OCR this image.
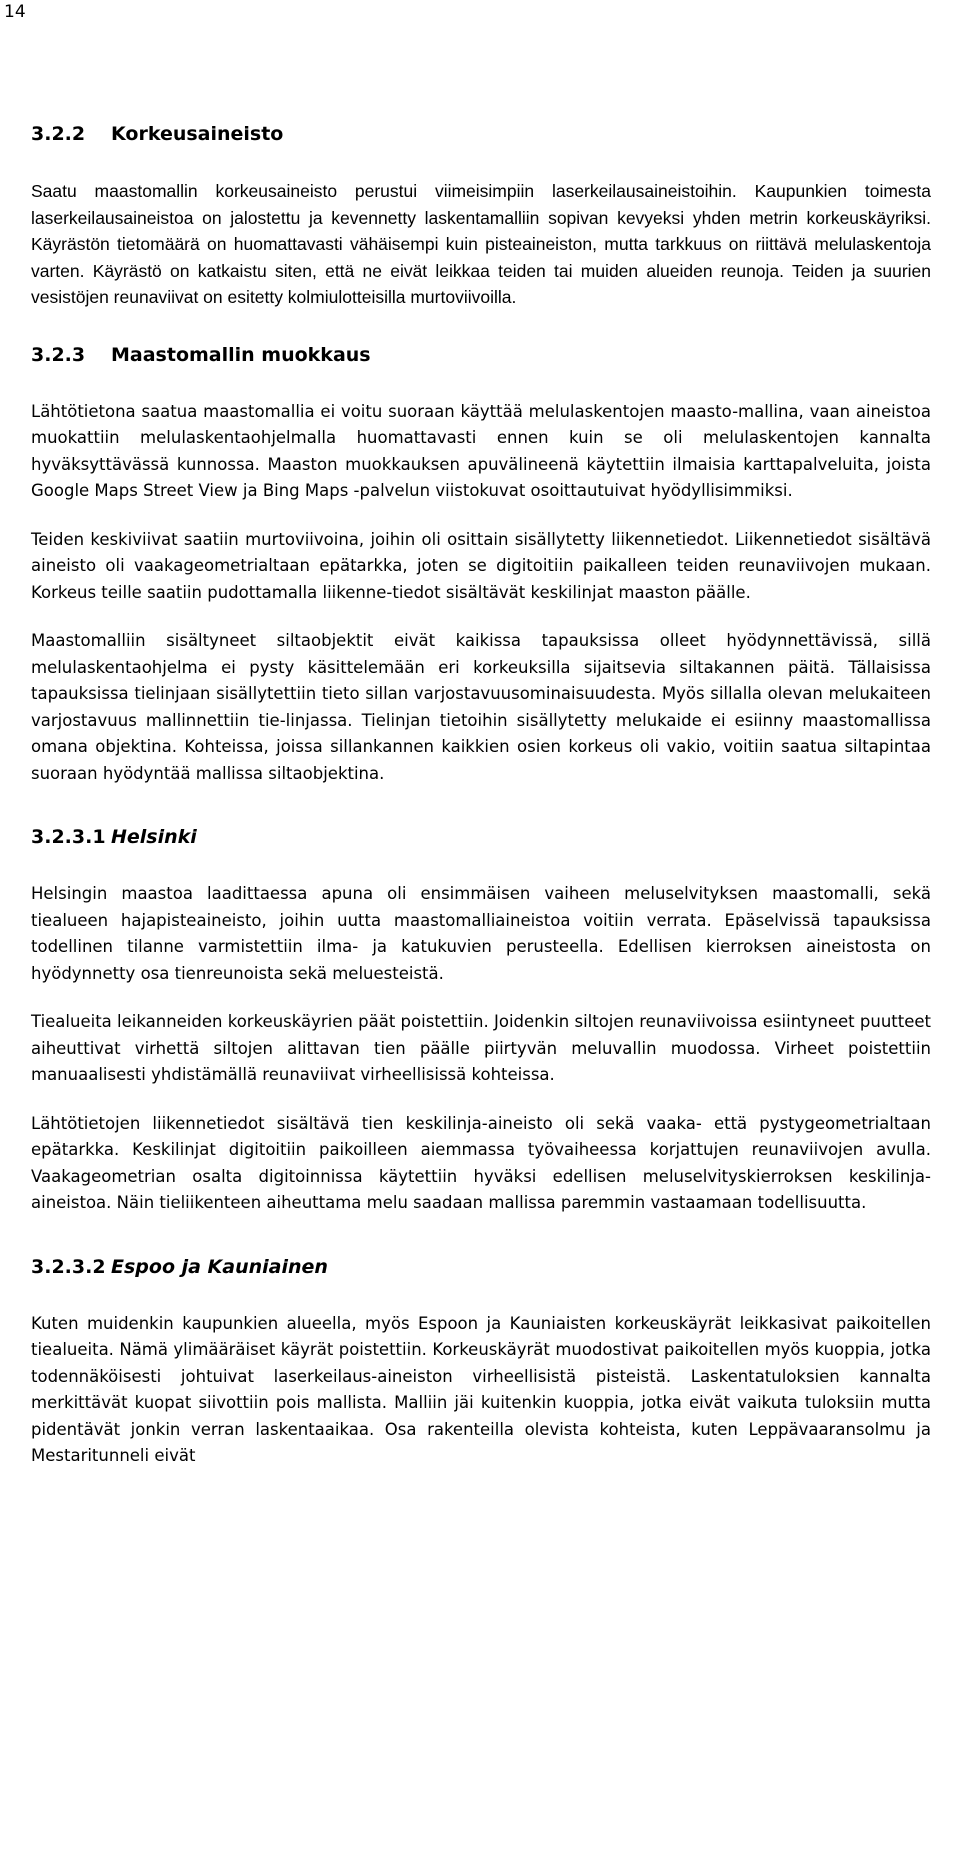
14
3.2.2	Korkeusaineisto

Saatu maastomallin korkeusaineisto perustui viimeisimpiin laserkeilausaineistoihin. Kaupunkien toimesta laserkeilausaineistoa on jalostettu ja kevennetty laskentamalliin sopivan kevyeksi yhden metrin korkeuskäyriksi. Käyrästön tietomäärä on huomattavasti vähäisempi kuin pisteaineiston, mutta tarkkuus on riittävä melulaskentoja varten. Käyrästö on katkaistu siten, että ne eivät leikkaa teiden tai muiden alueiden reunoja. Teiden ja suurien vesistöjen reunaviivat on esitetty kolmiulotteisilla murtoviivoilla.

3.2.3	Maastomallin muokkaus

Lähtötietona saatua maastomallia ei voitu suoraan käyttää melulaskentojen maasto-mallina, vaan aineistoa muokattiin melulaskentaohjelmalla huomattavasti ennen kuin se oli melulaskentojen kannalta hyväksyttävässä kunnossa. Maaston muokkauksen apuvälineenä käytettiin ilmaisia karttapalveluita, joista Google Maps Street View ja Bing Maps -palvelun viistokuvat osoittautuivat hyödyllisimmiksi.

Teiden keskiviivat saatiin murtoviivoina, joihin oli osittain sisällytetty liikennetiedot. Liikennetiedot sisältävä aineisto oli vaakageometrialtaan epätarkka, joten se digitoitiin paikalleen teiden reunaviivojen mukaan. Korkeus teille saatiin pudottamalla liikenne-tiedot sisältävät keskilinjat maaston päälle.

Maastomalliin sisältyneet siltaobjektit eivät kaikissa tapauksissa olleet hyödynnettävissä, sillä melulaskentaohjelma ei pysty käsittelemään eri korkeuksilla sijaitsevia siltakannen päitä. Tällaisissa tapauksissa tielinjaan sisällytettiin tieto sillan varjostavuusominaisuudesta. Myös sillalla olevan melukaiteen varjostavuus mallinnettiin tie-linjassa. Tielinjan tietoihin sisällytetty melukaide ei esiinny maastomallissa omana objektina. Kohteissa, joissa sillankannen kaikkien osien korkeus oli vakio, voitiin saatua siltapintaa suoraan hyödyntää mallissa siltaobjektina.

3.2.3.1 Helsinki

Helsingin maastoa laadittaessa apuna oli ensimmäisen vaiheen meluselvityksen maastomalli, sekä tiealueen hajapisteaineisto, joihin uutta maastomalliaineistoa voitiin verrata. Epäselvissä tapauksissa todellinen tilanne varmistettiin ilma- ja katukuvien perusteella. Edellisen kierroksen aineistosta on hyödynnetty osa tienreunoista sekä meluesteistä.

Tiealueita leikanneiden korkeuskäyrien päät poistettiin. Joidenkin siltojen reunaviivoissa esiintyneet puutteet aiheuttivat virhettä siltojen alittavan tien päälle piirtyvän meluvallin muodossa. Virheet poistettiin manuaalisesti yhdistämällä reunaviivat virheellisissä kohteissa.

Lähtötietojen liikennetiedot sisältävä tien keskilinja-aineisto oli sekä vaaka- että pystygeometrialtaan epätarkka. Keskilinjat digitoitiin paikoilleen aiemmassa työvaiheessa korjattujen reunaviivojen avulla. Vaakageometrian osalta digitoinnissa käytettiin hyväksi edellisen meluselvityskierroksen keskilinja-aineistoa. Näin tieliikenteen aiheuttama melu saadaan mallissa paremmin vastaamaan todellisuutta.

3.2.3.2 Espoo ja Kauniainen

Kuten muidenkin kaupunkien alueella, myös Espoon ja Kauniaisten korkeuskäyrät leikkasivat paikoitellen tiealueita. Nämä ylimääräiset käyrät poistettiin. Korkeuskäyrät muodostivat paikoitellen myös kuoppia, jotka todennäköisesti johtuivat laserkeilaus-aineiston virheellisistä pisteistä. Laskentatuloksien kannalta merkittävät kuopat siivottiin pois mallista. Malliin jäi kuitenkin kuoppia, jotka eivät vaikuta tuloksiin mutta pidentävät jonkin verran laskentaaikaa. Osa rakenteilla olevista kohteista, kuten Leppävaaransolmu ja Mestaritunneli eivät
